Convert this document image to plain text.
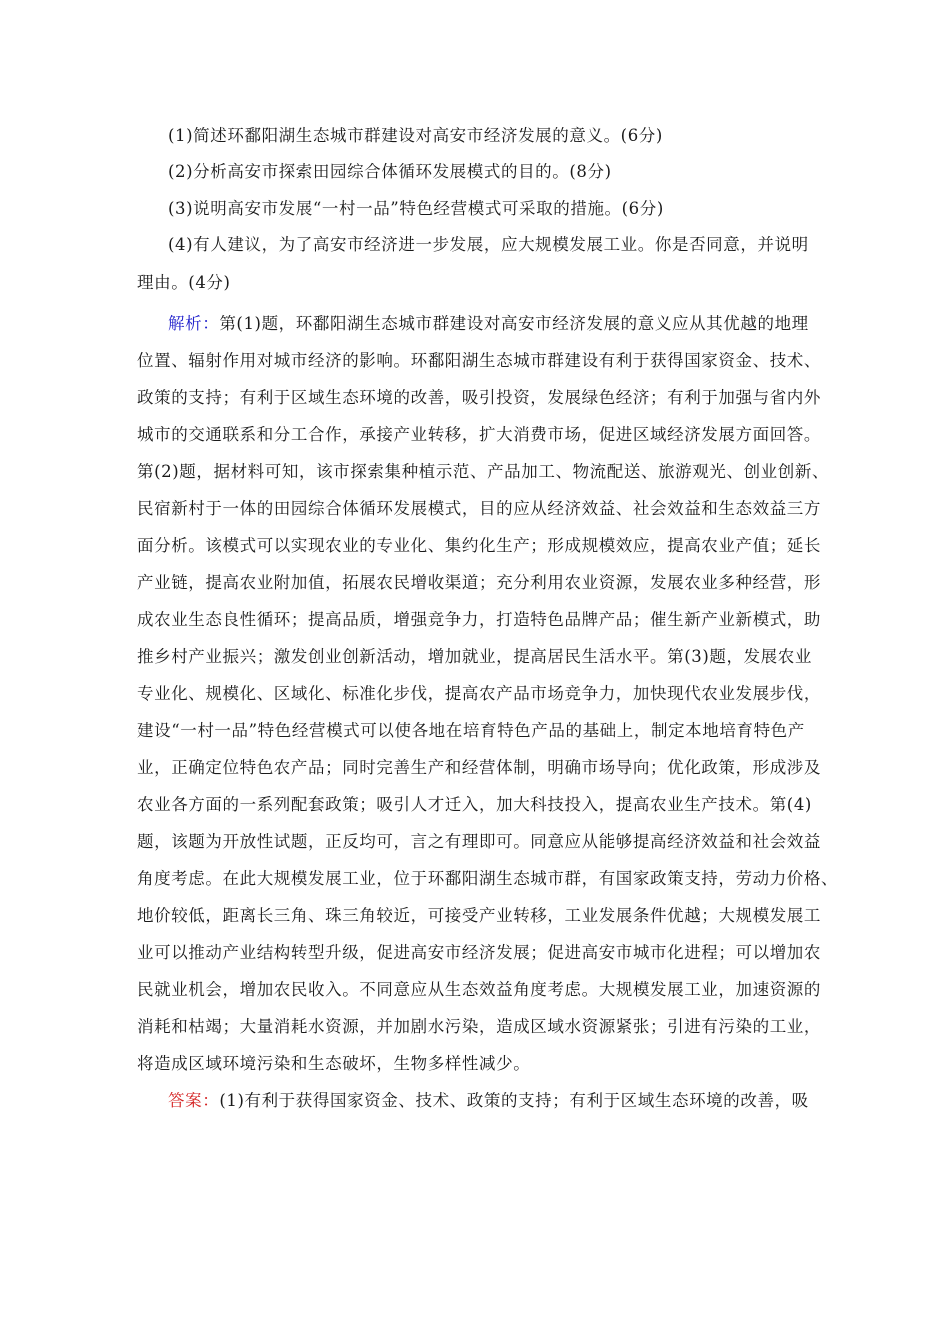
(1)简述环鄱阳湖生态城市群建设对高安市经济发展的意义。(6分)
(2)分析高安市探索田园综合体循环发展模式的目的。(8分)
(3)说明高安市发展“一村一品”特色经营模式可采取的措施。(6分)
(4)有人建议，为了高安市经济进一步发展，应大规模发展工业。你是否同意，并说明
理由。(4分)
解析：第(1)题，环鄱阳湖生态城市群建设对高安市经济发展的意义应从其优越的地理
位置、辐射作用对城市经济的影响。环鄱阳湖生态城市群建设有利于获得国家资金、技术、
政策的支持；有利于区域生态环境的改善，吸引投资，发展绿色经济；有利于加强与省内外
城市的交通联系和分工合作，承接产业转移，扩大消费市场，促进区域经济发展方面回答。
第(2)题，据材料可知，该市探索集种植示范、产品加工、物流配送、旅游观光、创业创新、
民宿新村于一体的田园综合体循环发展模式，目的应从经济效益、社会效益和生态效益三方
面分析。该模式可以实现农业的专业化、集约化生产；形成规模效应，提高农业产值；延长
产业链，提高农业附加值，拓展农民增收渠道；充分利用农业资源，发展农业多种经营，形
成农业生态良性循环；提高品质，增强竞争力，打造特色品牌产品；催生新产业新模式，助
推乡村产业振兴；激发创业创新活动，增加就业，提高居民生活水平。第(3)题，发展农业
专业化、规模化、区域化、标准化步伐，提高农产品市场竞争力，加快现代农业发展步伐，
建设“一村一品”特色经营模式可以使各地在培育特色产品的基础上，制定本地培育特色产
业，正确定位特色农产品；同时完善生产和经营体制，明确市场导向；优化政策，形成涉及
农业各方面的一系列配套政策；吸引人才迁入，加大科技投入，提高农业生产技术。第(4)
题，该题为开放性试题，正反均可，言之有理即可。同意应从能够提高经济效益和社会效益
角度考虑。在此大规模发展工业，位于环鄱阳湖生态城市群，有国家政策支持，劳动力价格、
地价较低，距离长三角、珠三角较近，可接受产业转移，工业发展条件优越；大规模发展工
业可以推动产业结构转型升级，促进高安市经济发展；促进高安市城市化进程；可以增加农
民就业机会，增加农民收入。不同意应从生态效益角度考虑。大规模发展工业，加速资源的
消耗和枯竭；大量消耗水资源，并加剧水污染，造成区域水资源紧张；引进有污染的工业，
将造成区域环境污染和生态破坏，生物多样性减少。
答案：(1)有利于获得国家资金、技术、政策的支持；有利于区域生态环境的改善，吸
